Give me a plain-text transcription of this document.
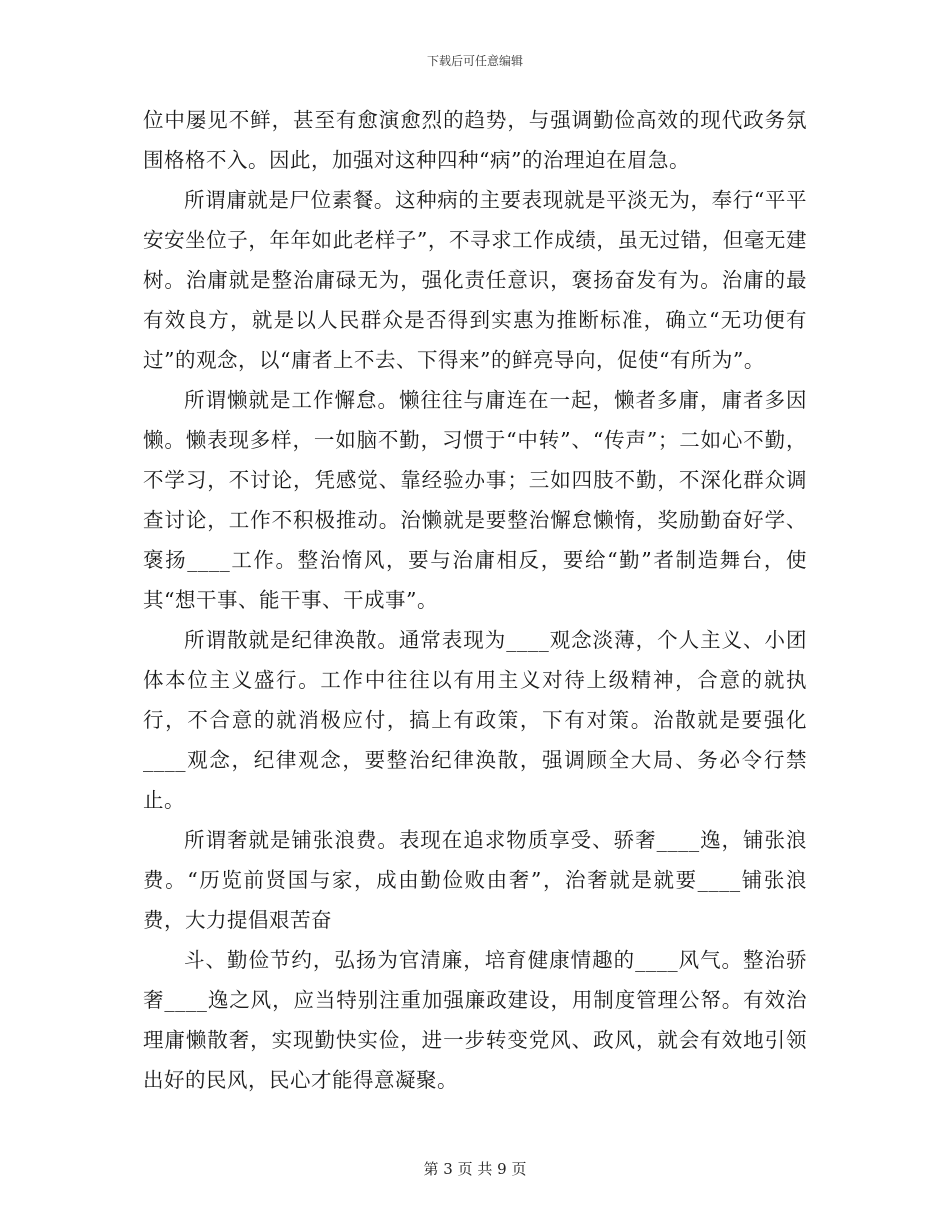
下载后可任意编辑

位中屡见不鲜，甚至有愈演愈烈的趋势，与强调勤俭高效的现代政务氛围格格不入。因此，加强对这种四种“病”的治理迫在眉急。

所谓庸就是尸位素餐。这种病的主要表现就是平淡无为，奉行“平平安安坐位子，年年如此老样子”，不寻求工作成绩，虽无过错，但毫无建树。治庸就是整治庸碌无为，强化责任意识，褒扬奋发有为。治庸的最有效良方，就是以人民群众是否得到实惠为推断标准，确立“无功便有过”的观念，以“庸者上不去、下得来”的鲜亮导向，促使“有所为”。

所谓懒就是工作懈怠。懒往往与庸连在一起，懒者多庸，庸者多因懒。懒表现多样，一如脑不勤，习惯于“中转”、“传声”；二如心不勤，不学习，不讨论，凭感觉、靠经验办事；三如四肢不勤，不深化群众调查讨论，工作不积极推动。治懒就是要整治懈怠懒惰，奖励勤奋好学、褒扬____工作。整治惰风，要与治庸相反，要给“勤”者制造舞台，使其“想干事、能干事、干成事”。

所谓散就是纪律涣散。通常表现为____观念淡薄，个人主义、小团体本位主义盛行。工作中往往以有用主义对待上级精神，合意的就执行，不合意的就消极应付，搞上有政策，下有对策。治散就是要强化____观念，纪律观念，要整治纪律涣散，强调顾全大局、务必令行禁止。

所谓奢就是铺张浪费。表现在追求物质享受、骄奢____逸，铺张浪费。“历览前贤国与家，成由勤俭败由奢”，治奢就是就要____铺张浪费，大力提倡艰苦奋

斗、勤俭节约，弘扬为官清廉，培育健康情趣的____风气。整治骄奢____逸之风，应当特别注重加强廉政建设，用制度管理公帑。有效治理庸懒散奢，实现勤快实俭，进一步转变党风、政风，就会有效地引领出好的民风，民心才能得意凝聚。

第 3 页 共 9 页
